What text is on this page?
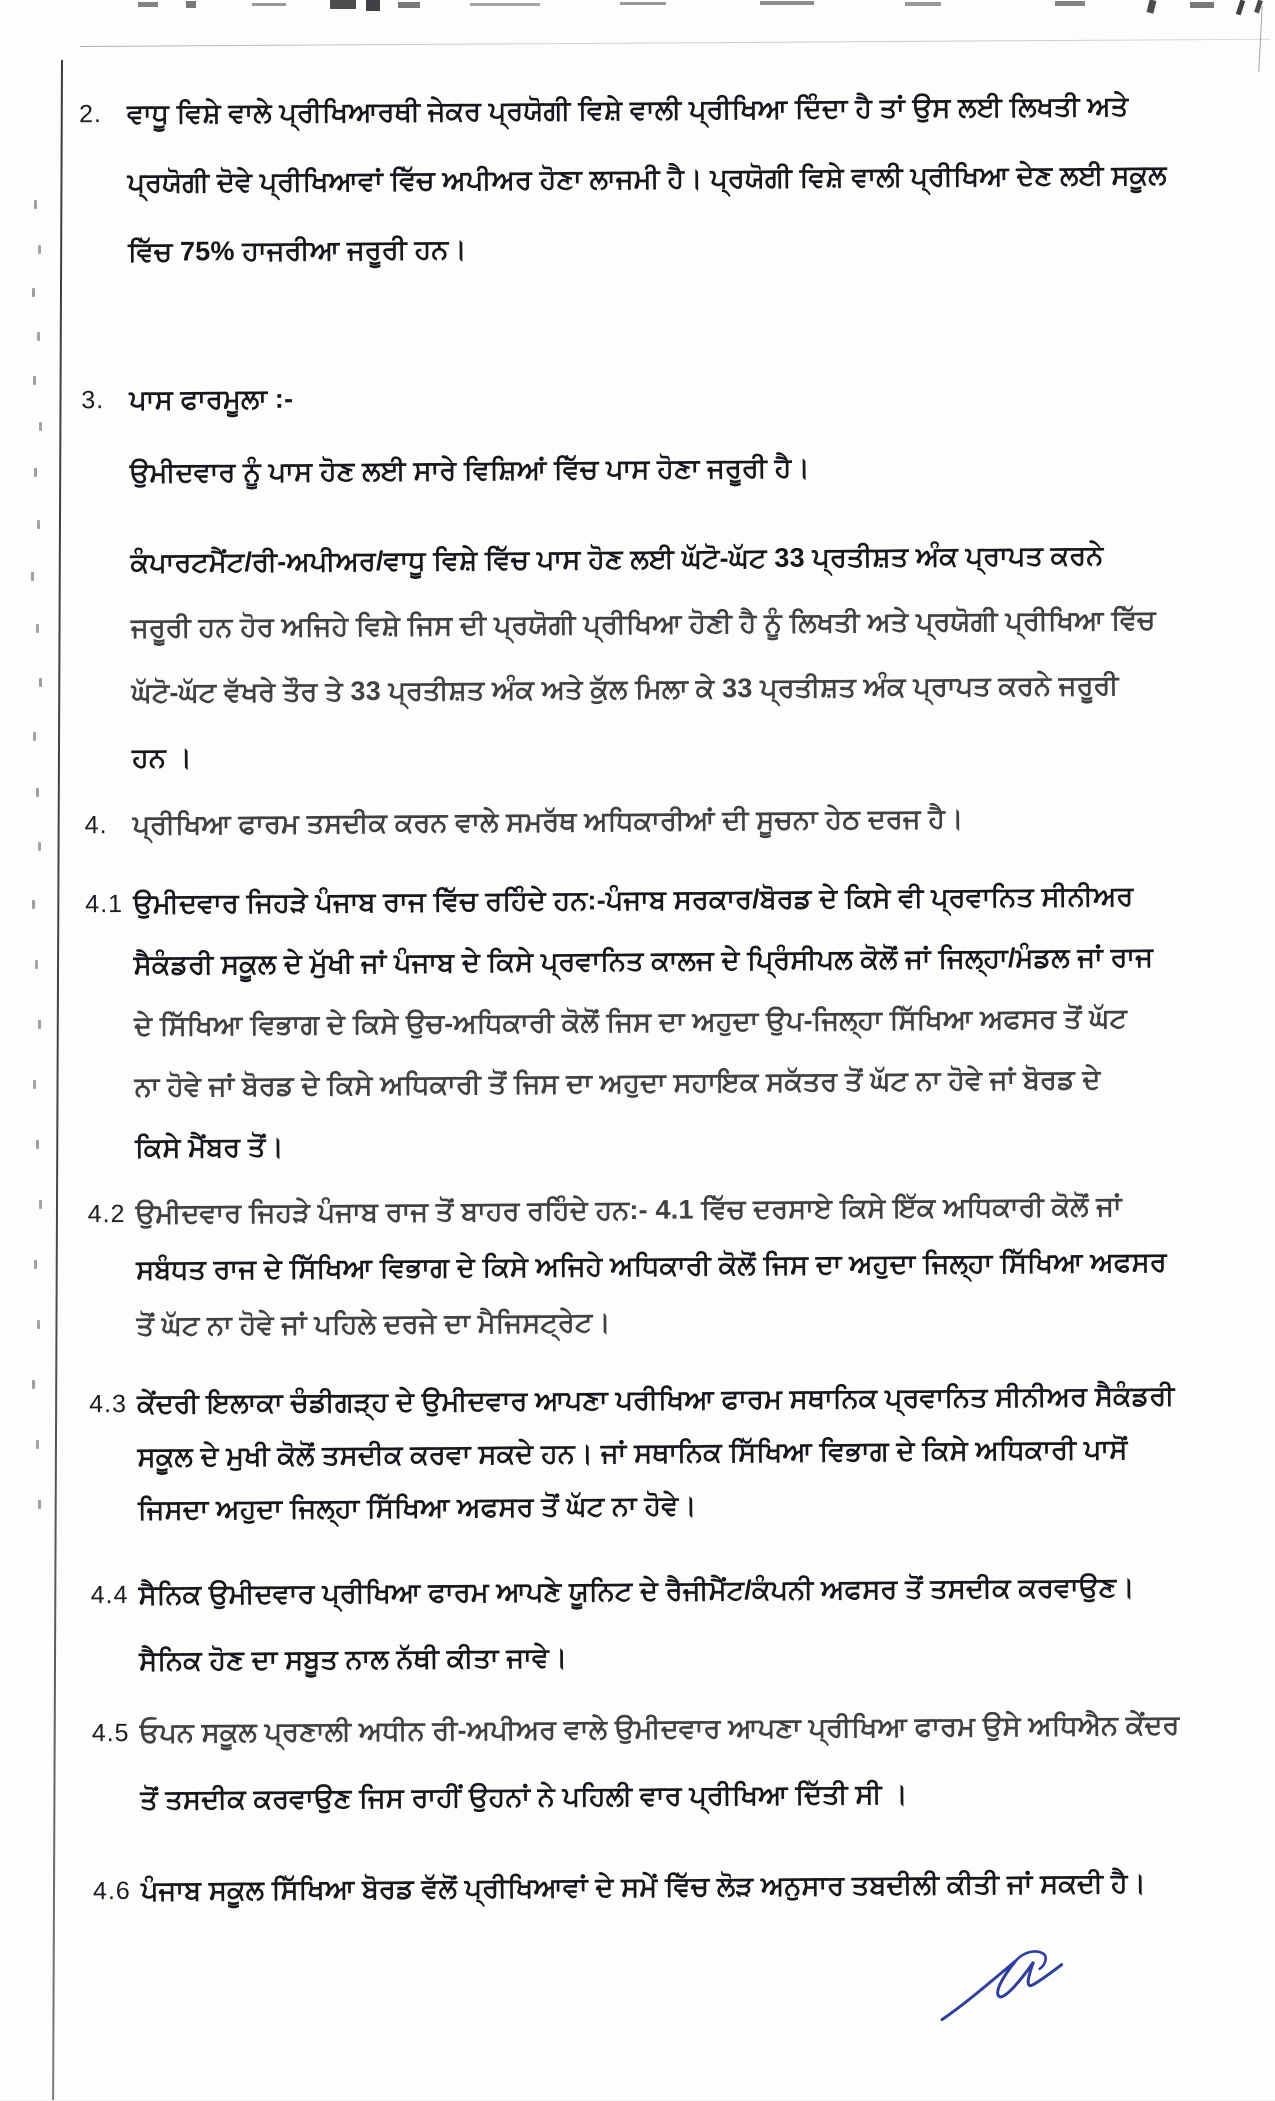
2. ਵਾਧੂ ਵਿਸ਼ੇ ਵਾਲੇ ਪ੍ਰੀਖਿਆਰਥੀ ਜੇਕਰ ਪ੍ਰਯੋਗੀ ਵਿਸ਼ੇ ਵਾਲੀ ਪ੍ਰੀਖਿਆ ਦਿੰਦਾ ਹੈ ਤਾਂ ਉਸ ਲਈ ਲਿਖਤੀ ਅਤੇ
ਪ੍ਰਯੋਗੀ ਦੋਵੇ ਪ੍ਰੀਖਿਆਵਾਂ ਵਿੱਚ ਅਪੀਅਰ ਹੋਣਾ ਲਾਜਮੀ ਹੈ। ਪ੍ਰਯੋਗੀ ਵਿਸ਼ੇ ਵਾਲੀ ਪ੍ਰੀਖਿਆ ਦੇਣ ਲਈ ਸਕੂਲ
ਵਿੱਚ 75% ਹਾਜਰੀਆ ਜਰੂਰੀ ਹਨ।
3. ਪਾਸ ਫਾਰਮੂਲਾ :-
ਉਮੀਦਵਾਰ ਨੂੰ ਪਾਸ ਹੋਣ ਲਈ ਸਾਰੇ ਵਿਸ਼ਿਆਂ ਵਿੱਚ ਪਾਸ ਹੋਣਾ ਜਰੂਰੀ ਹੈ।
ਕੰਪਾਰਟਮੈਂਟ/ਰੀ-ਅਪੀਅਰ/ਵਾਧੂ ਵਿਸ਼ੇ ਵਿੱਚ ਪਾਸ ਹੋਣ ਲਈ ਘੱਟੋ-ਘੱਟ 33 ਪ੍ਰਤੀਸ਼ਤ ਅੰਕ ਪ੍ਰਾਪਤ ਕਰਨੇ
ਜਰੂਰੀ ਹਨ ਹੋਰ ਅਜਿਹੇ ਵਿਸ਼ੇ ਜਿਸ ਦੀ ਪ੍ਰਯੋਗੀ ਪ੍ਰੀਖਿਆ ਹੋਣੀ ਹੈ ਨੂੰ ਲਿਖਤੀ ਅਤੇ ਪ੍ਰਯੋਗੀ ਪ੍ਰੀਖਿਆ ਵਿੱਚ
ਘੱਟੋ-ਘੱਟ ਵੱਖਰੇ ਤੌਰ ਤੇ 33 ਪ੍ਰਤੀਸ਼ਤ ਅੰਕ ਅਤੇ ਕੁੱਲ ਮਿਲਾ ਕੇ 33 ਪ੍ਰਤੀਸ਼ਤ ਅੰਕ ਪ੍ਰਾਪਤ ਕਰਨੇ ਜਰੂਰੀ
ਹਨ ।
4. ਪ੍ਰੀਖਿਆ ਫਾਰਮ ਤਸਦੀਕ ਕਰਨ ਵਾਲੇ ਸਮਰੱਥ ਅਧਿਕਾਰੀਆਂ ਦੀ ਸੂਚਨਾ ਹੇਠ ਦਰਜ ਹੈ।
4.1 ਉਮੀਦਵਾਰ ਜਿਹੜੇ ਪੰਜਾਬ ਰਾਜ ਵਿੱਚ ਰਹਿੰਦੇ ਹਨ:-ਪੰਜਾਬ ਸਰਕਾਰ/ਬੋਰਡ ਦੇ ਕਿਸੇ ਵੀ ਪ੍ਰਵਾਨਿਤ ਸੀਨੀਅਰ
ਸੈਕੰਡਰੀ ਸਕੂਲ ਦੇ ਮੁੱਖੀ ਜਾਂ ਪੰਜਾਬ ਦੇ ਕਿਸੇ ਪ੍ਰਵਾਨਿਤ ਕਾਲਜ ਦੇ ਪ੍ਰਿੰਸੀਪਲ ਕੋਲੋਂ ਜਾਂ ਜਿਲ੍ਹਾ/ਮੰਡਲ ਜਾਂ ਰਾਜ
ਦੇ ਸਿੱਖਿਆ ਵਿਭਾਗ ਦੇ ਕਿਸੇ ਉਚ-ਅਧਿਕਾਰੀ ਕੋਲੋਂ ਜਿਸ ਦਾ ਅਹੁਦਾ ਉਪ-ਜਿਲ੍ਹਾ ਸਿੱਖਿਆ ਅਫਸਰ ਤੋਂ ਘੱਟ
ਨਾ ਹੋਵੇ ਜਾਂ ਬੋਰਡ ਦੇ ਕਿਸੇ ਅਧਿਕਾਰੀ ਤੋਂ ਜਿਸ ਦਾ ਅਹੁਦਾ ਸਹਾਇਕ ਸਕੱਤਰ ਤੋਂ ਘੱਟ ਨਾ ਹੋਵੇ ਜਾਂ ਬੋਰਡ ਦੇ
ਕਿਸੇ ਮੈਂਬਰ ਤੋਂ।
4.2 ਉਮੀਦਵਾਰ ਜਿਹੜੇ ਪੰਜਾਬ ਰਾਜ ਤੋਂ ਬਾਹਰ ਰਹਿੰਦੇ ਹਨ:- 4.1 ਵਿੱਚ ਦਰਸਾਏ ਕਿਸੇ ਇੱਕ ਅਧਿਕਾਰੀ ਕੋਲੋਂ ਜਾਂ
ਸਬੰਧਤ ਰਾਜ ਦੇ ਸਿੱਖਿਆ ਵਿਭਾਗ ਦੇ ਕਿਸੇ ਅਜਿਹੇ ਅਧਿਕਾਰੀ ਕੋਲੋਂ ਜਿਸ ਦਾ ਅਹੁਦਾ ਜਿਲ੍ਹਾ ਸਿੱਖਿਆ ਅਫਸਰ
ਤੋਂ ਘੱਟ ਨਾ ਹੋਵੇ ਜਾਂ ਪਹਿਲੇ ਦਰਜੇ ਦਾ ਮੈਜਿਸਟ੍ਰੇਟ।
4.3 ਕੇਂਦਰੀ ਇਲਾਕਾ ਚੰਡੀਗੜ੍ਹ ਦੇ ਉਮੀਦਵਾਰ ਆਪਣਾ ਪਰੀਖਿਆ ਫਾਰਮ ਸਥਾਨਿਕ ਪ੍ਰਵਾਨਿਤ ਸੀਨੀਅਰ ਸੈਕੰਡਰੀ
ਸਕੂਲ ਦੇ ਮੁਖੀ ਕੋਲੋਂ ਤਸਦੀਕ ਕਰਵਾ ਸਕਦੇ ਹਨ। ਜਾਂ ਸਥਾਨਿਕ ਸਿੱਖਿਆ ਵਿਭਾਗ ਦੇ ਕਿਸੇ ਅਧਿਕਾਰੀ ਪਾਸੋਂ
ਜਿਸਦਾ ਅਹੁਦਾ ਜਿਲ੍ਹਾ ਸਿੱਖਿਆ ਅਫਸਰ ਤੋਂ ਘੱਟ ਨਾ ਹੋਵੇ।
4.4 ਸੈਨਿਕ ਉਮੀਦਵਾਰ ਪ੍ਰੀਖਿਆ ਫਾਰਮ ਆਪਣੇ ਯੂਨਿਟ ਦੇ ਰੈਜੀਮੈਂਟ/ਕੰਪਨੀ ਅਫਸਰ ਤੋਂ ਤਸਦੀਕ ਕਰਵਾਉਣ।
ਸੈਨਿਕ ਹੋਣ ਦਾ ਸਬੂਤ ਨਾਲ ਨੱਥੀ ਕੀਤਾ ਜਾਵੇ।
4.5 ਓਪਨ ਸਕੂਲ ਪ੍ਰਣਾਲੀ ਅਧੀਨ ਰੀ-ਅਪੀਅਰ ਵਾਲੇ ਉਮੀਦਵਾਰ ਆਪਣਾ ਪ੍ਰੀਖਿਆ ਫਾਰਮ ਉਸੇ ਅਧਿਐਨ ਕੇਂਦਰ
ਤੋਂ ਤਸਦੀਕ ਕਰਵਾਉਣ ਜਿਸ ਰਾਹੀਂ ਉਹਨਾਂ ਨੇ ਪਹਿਲੀ ਵਾਰ ਪ੍ਰੀਖਿਆ ਦਿੱਤੀ ਸੀ ।
4.6 ਪੰਜਾਬ ਸਕੂਲ ਸਿੱਖਿਆ ਬੋਰਡ ਵੱਲੋਂ ਪ੍ਰੀਖਿਆਵਾਂ ਦੇ ਸਮੇਂ ਵਿੱਚ ਲੋੜ ਅਨੁਸਾਰ ਤਬਦੀਲੀ ਕੀਤੀ ਜਾਂ ਸਕਦੀ ਹੈ।
